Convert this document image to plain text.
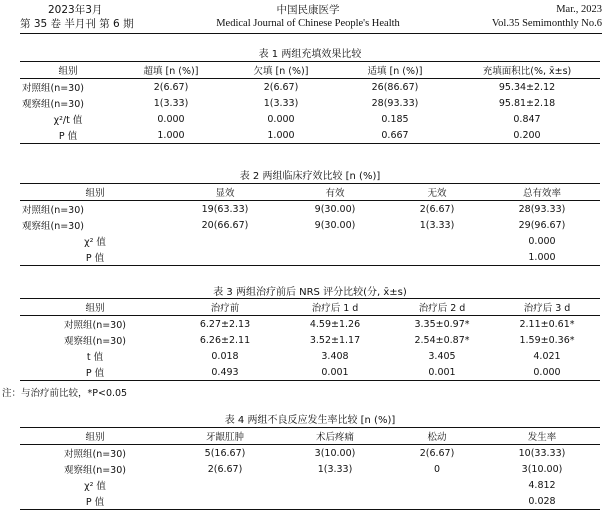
2023年3月
第 35 卷 半月刊 第 6 期
中国民康医学
Medical Journal of Chinese People's Health
Mar., 2023
Vol.35 Semimonthly No.6
表 1 两组充填效果比较
组别	超填 [n (%)]	欠填 [n (%)]	适填 [n (%)]	充填面积比(%, x̄±s)
对照组(n=30)	2(6.67)	2(6.67)	26(86.67)	95.34±2.12
观察组(n=30)	1(3.33)	1(3.33)	28(93.33)	95.81±2.18
χ²/t 值	0.000	0.000	0.185	0.847
P 值	1.000	1.000	0.667	0.200
表 2 两组临床疗效比较 [n (%)]
组别	显效	有效	无效	总有效率
对照组(n=30)	19(63.33)	9(30.00)	2(6.67)	28(93.33)
观察组(n=30)	20(66.67)	9(30.00)	1(3.33)	29(96.67)
χ² 值				0.000
P 值				1.000
表 3 两组治疗前后 NRS 评分比较(分, x̄±s)
组别	治疗前	治疗后 1 d	治疗后 2 d	治疗后 3 d
对照组(n=30)	6.27±2.13	4.59±1.26	3.35±0.97*	2.11±0.61*
观察组(n=30)	6.26±2.11	3.52±1.17	2.54±0.87*	1.59±0.36*
t 值	0.018	3.408	3.405	4.021
P 值	0.493	0.001	0.001	0.000
注：与治疗前比较，*P<0.05
表 4 两组不良反应发生率比较 [n (%)]
组别	牙龈肛肿	术后疼痛	松动	发生率
对照组(n=30)	5(16.67)	3(10.00)	2(6.67)	10(33.33)
观察组(n=30)	2(6.67)	1(3.33)	0	3(10.00)
χ² 值				4.812
P 值				0.028
